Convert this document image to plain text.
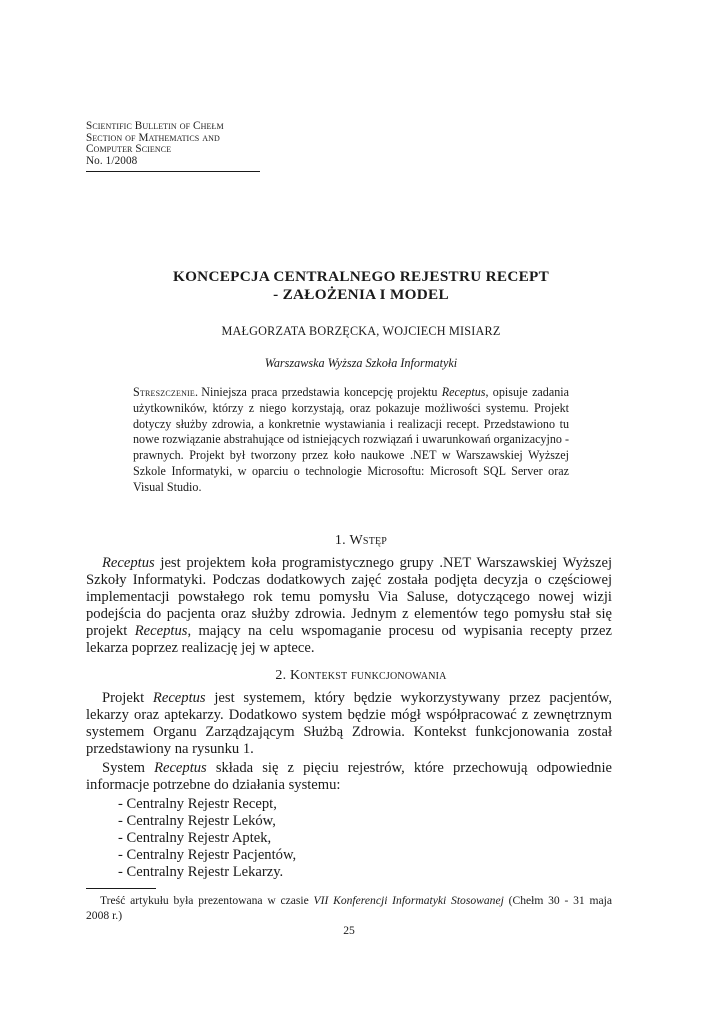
Scientific Bulletin of Chełm
Section of Mathematics and
Computer Science
No. 1/2008
KONCEPCJA CENTRALNEGO REJESTRU RECEPT
- ZAŁOŻENIA I MODEL
MAŁGORZATA BORZĘCKA, WOJCIECH MISIARZ
Warszawska Wyższa Szkoła Informatyki
Streszczenie. Niniejsza praca przedstawia koncepcję projektu Receptus, opisuje zadania użytkowników, którzy z niego korzystają, oraz pokazuje możliwości systemu. Projekt dotyczy służby zdrowia, a konkretnie wystawiania i realizacji recept. Przedstawiono tu nowe rozwiązanie abstrahujące od istniejących rozwiązań i uwarunkowań organizacyjno - prawnych. Projekt był tworzony przez koło naukowe .NET w Warszawskiej Wyższej Szkole Informatyki, w oparciu o technologie Microsoftu: Microsoft SQL Server oraz Visual Studio.
1. Wstęp

Receptus jest projektem koła programistycznego grupy .NET Warszawskiej Wyższej Szkoły Informatyki. Podczas dodatkowych zajęć została podjęta decyzja o częściowej implementacji powstałego rok temu pomysłu Via Saluse, dotyczącego nowej wizji podejścia do pacjenta oraz służby zdrowia. Jednym z elementów tego pomysłu stał się projekt Receptus, mający na celu wspomaganie procesu od wypisania recepty przez lekarza poprzez realizację jej w aptece.

2. Kontekst funkcjonowania

Projekt Receptus jest systemem, który będzie wykorzystywany przez pacjentów, lekarzy oraz aptekarzy. Dodatkowo system będzie mógł współpracować z zewnętrznym systemem Organu Zarządzającym Służbą Zdrowia. Kontekst funkcjonowania został przedstawiony na rysunku 1.

System Receptus składa się z pięciu rejestrów, które przechowują odpowiednie informacje potrzebne do działania systemu:

- Centralny Rejestr Recept,
- Centralny Rejestr Leków,
- Centralny Rejestr Aptek,
- Centralny Rejestr Pacjentów,
- Centralny Rejestr Lekarzy.
Treść artykułu była prezentowana w czasie VII Konferencji Informatyki Stosowanej (Chełm 30 - 31 maja 2008 r.)
25
